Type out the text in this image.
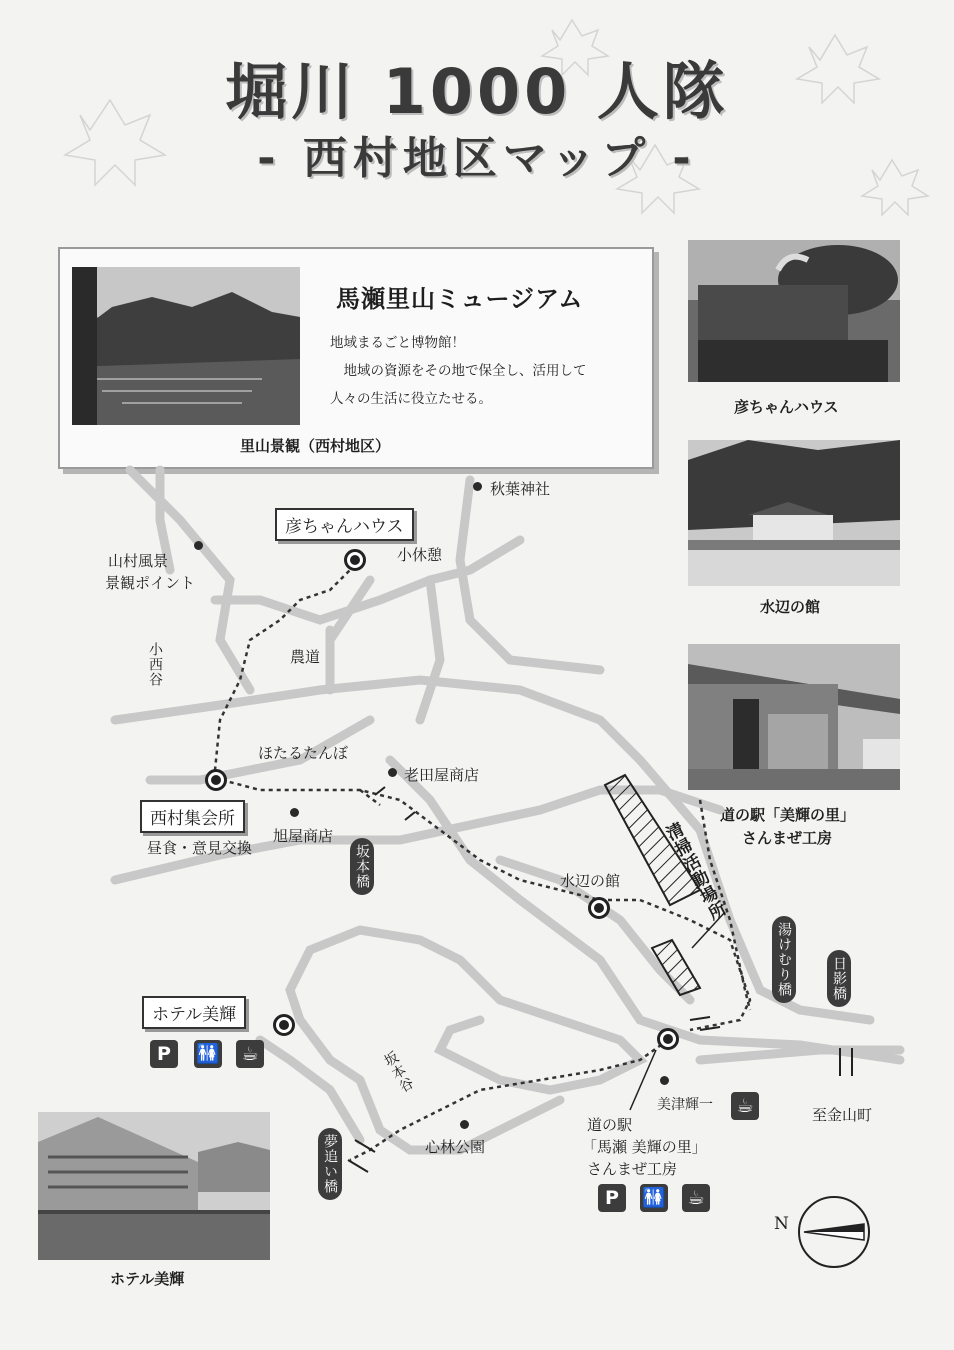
堀川 1000 人隊
- 西村地区マップ -
馬瀬里山ミュージアム
地域まるごと博物館！
　地域の資源をその地で保全し、活用して
人々の生活に役立たせる。
里山景観（西村地区）
彦ちゃんハウス
水辺の館
道の駅「美輝の里」
さんまぜ工房
ホテル美輝
秋葉神社
彦ちゃんハウス
小休憩
山村風景
景観ポイント
小西谷	農道
ほたるたんぼ
老田屋商店
西村集会所
昼食・意見交換
旭屋商店
坂本橋	水辺の館 清掃活動場所
湯けむり橋	日影橋
ホテル美輝
P	🚻 ☕	坂本谷
夢追い橋	心林公園
美津輝一 ☕	至金山町
道の駅
「馬瀬 美輝の里」
さんまぜ工房
P	🚻 ☕
N
